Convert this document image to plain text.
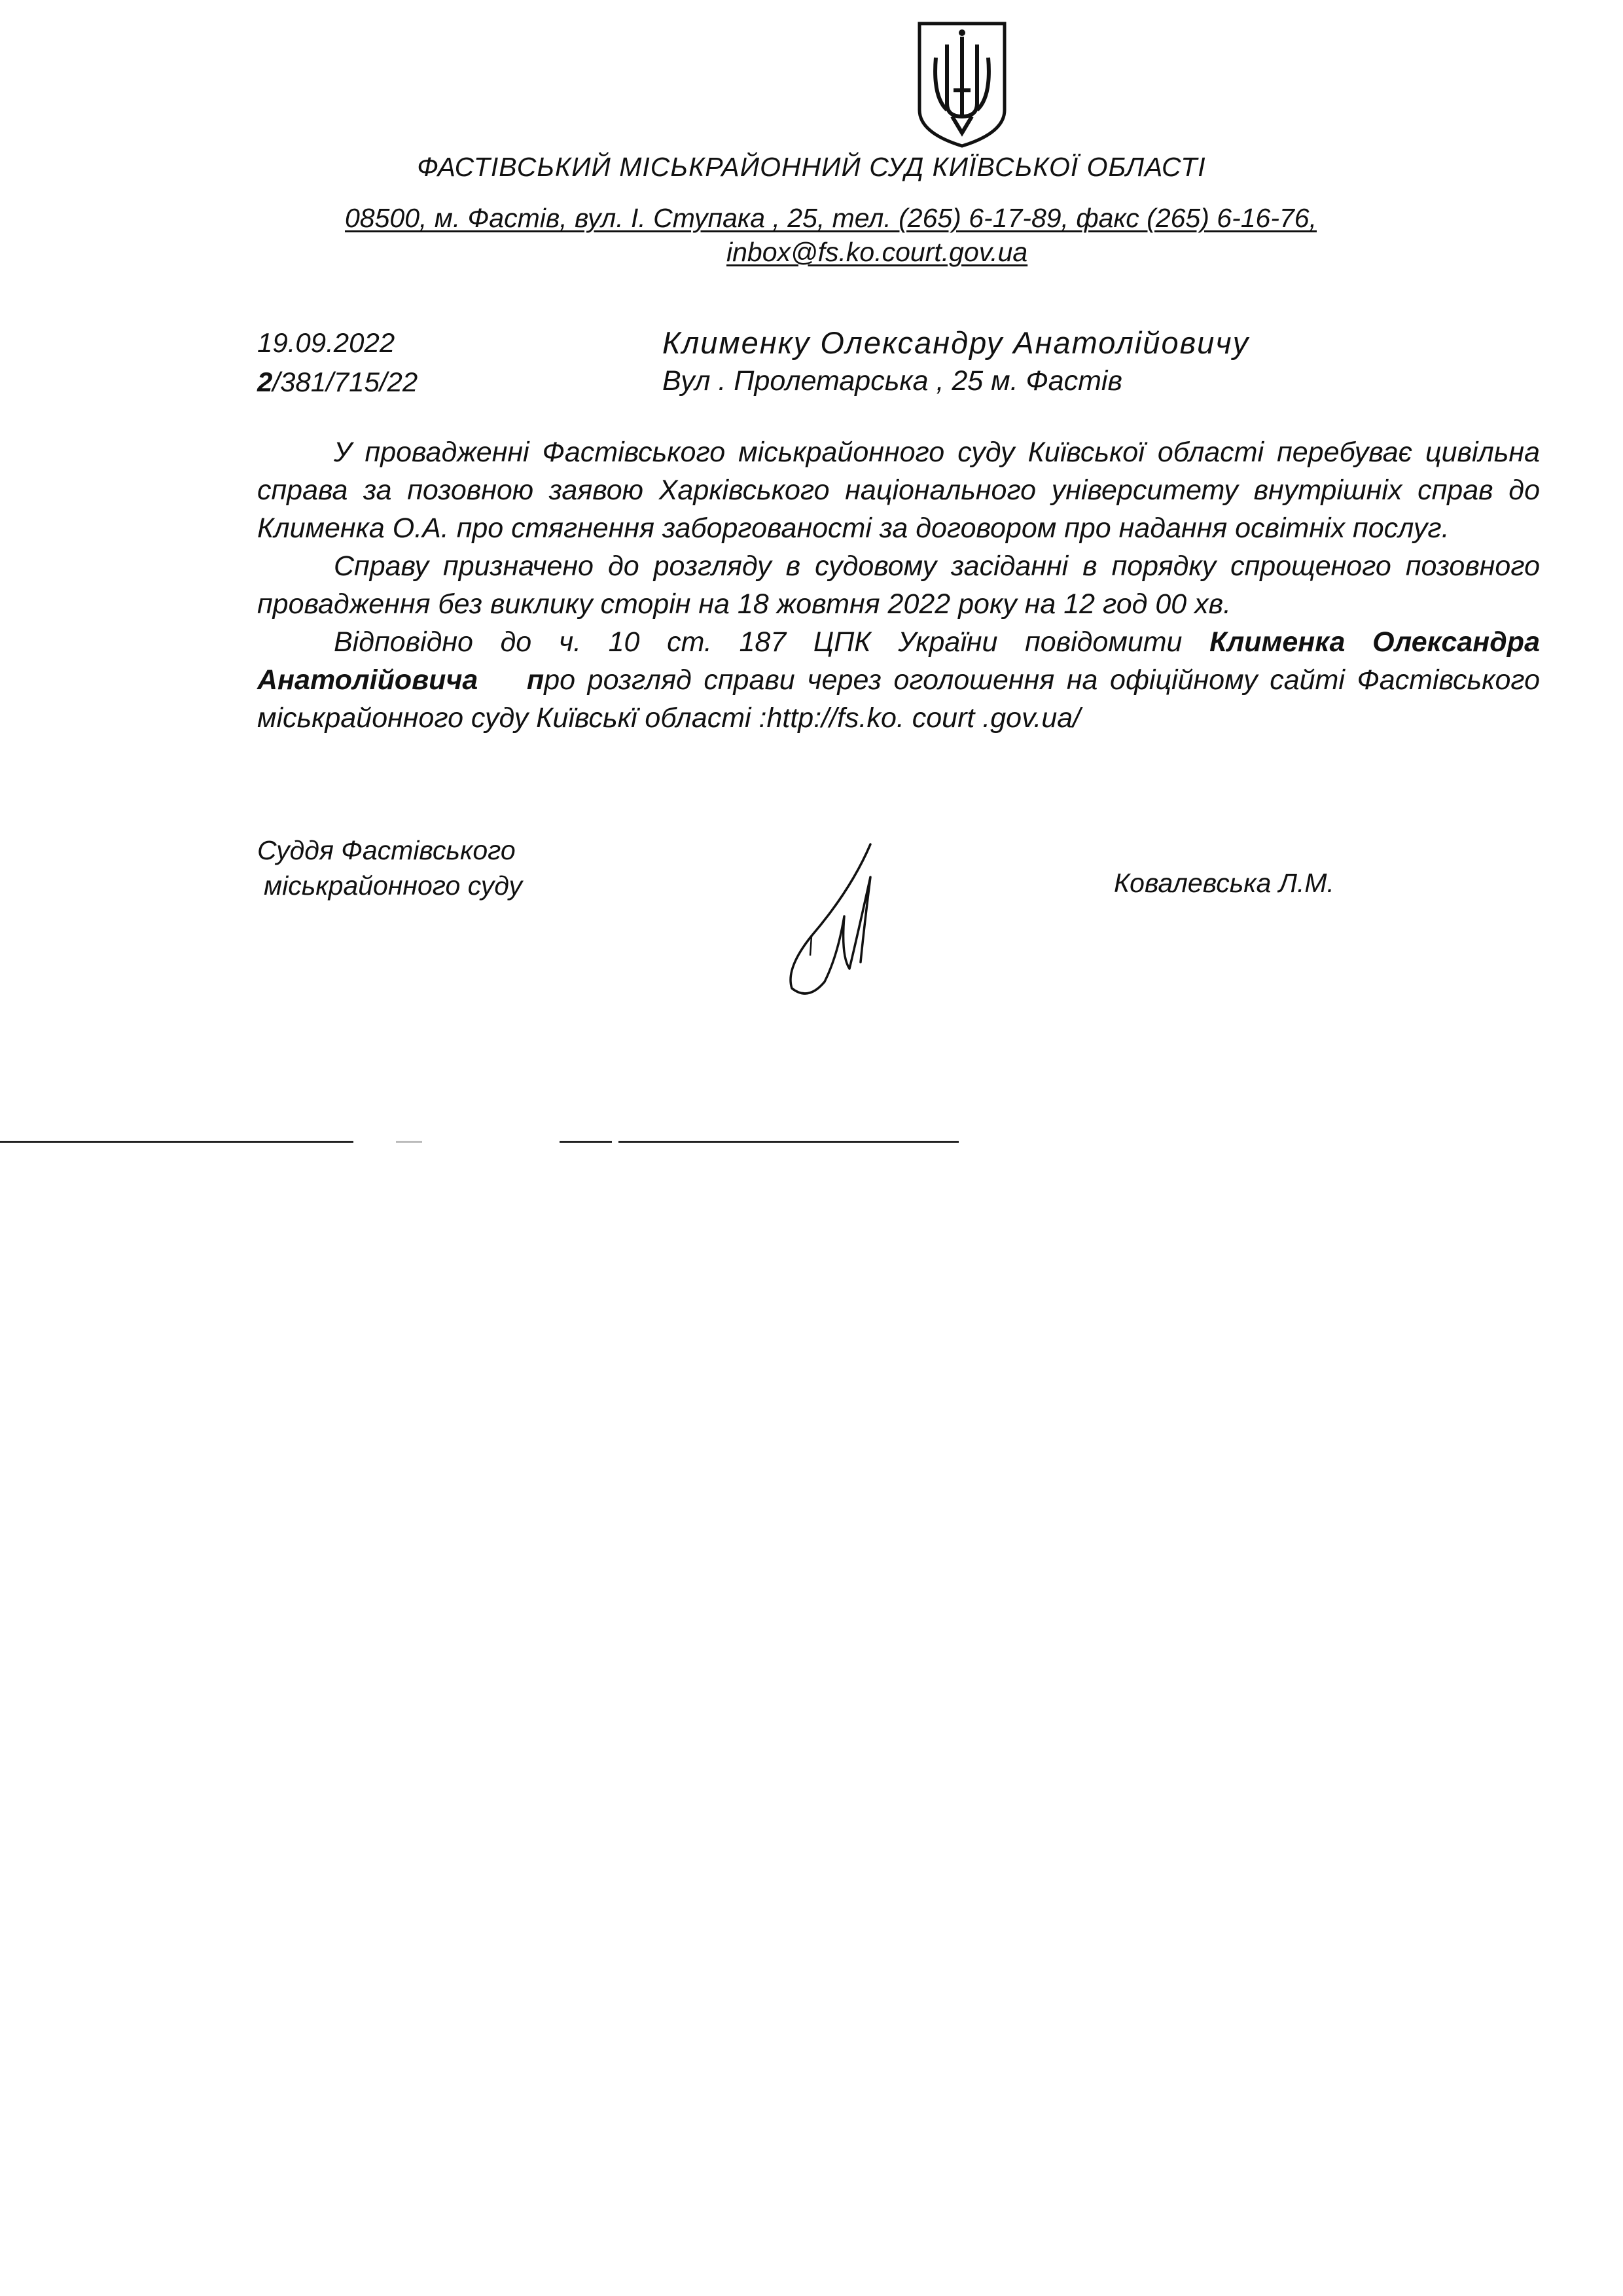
ФАСТІВСЬКИЙ МІСЬКРАЙОННИЙ СУД КИЇВСЬКОЇ ОБЛАСТІ
08500, м. Фастів, вул. І. Ступака , 25, тел. (265) 6-17-89, факс (265) 6-16-76,
inbox@fs.ko.court.gov.ua
19.09.2022
2/381/715/22
Клименку Олександру Анатолійовичу
Вул . Пролетарська , 25 м. Фастів

У провадженні Фастівського міськрайонного суду Київської області перебуває цивільна справа за позовною заявою Харківського національного університету внутрішніх справ до Клименка О.А. про стягнення заборгованості за договором про надання освітніх послуг.

Справу призначено до розгляду в судовому засіданні в порядку спрощеного позовного провадження без виклику сторін на 18 жовтня 2022 року на 12 год 00 хв.

Відповідно до ч. 10 ст. 187 ЦПК України повідомити Клименка Олександра Анатолійовича про розгляд справи через оголошення на офіційному сайті Фастівського міськрайонного суду Київськї області :http://fs.ko. court .gov.ua/

Суддя Фастівського
міськрайонного суду	Ковалевська Л.М.
